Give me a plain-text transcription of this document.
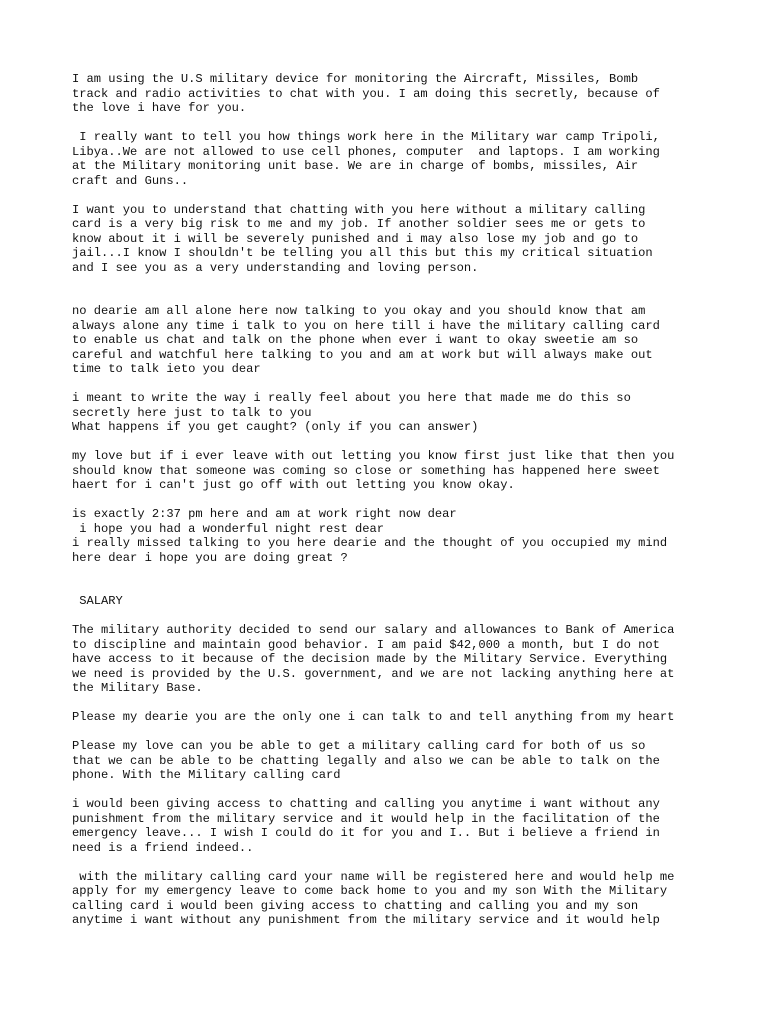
I am using the U.S military device for monitoring the Aircraft, Missiles, Bomb
track and radio activities to chat with you. I am doing this secretly, because of
the love i have for you.
I really want to tell you how things work here in the Military war camp Tripoli,
Libya..We are not allowed to use cell phones, computer  and laptops. I am working
at the Military monitoring unit base. We are in charge of bombs, missiles, Air
craft and Guns..
I want you to understand that chatting with you here without a military calling
card is a very big risk to me and my job. If another soldier sees me or gets to
know about it i will be severely punished and i may also lose my job and go to
jail...I know I shouldn't be telling you all this but this my critical situation
and I see you as a very understanding and loving person.
no dearie am all alone here now talking to you okay and you should know that am
always alone any time i talk to you on here till i have the military calling card
to enable us chat and talk on the phone when ever i want to okay sweetie am so
careful and watchful here talking to you and am at work but will always make out
time to talk ieto you dear
i meant to write the way i really feel about you here that made me do this so
secretly here just to talk to you
What happens if you get caught? (only if you can answer)
my love but if i ever leave with out letting you know first just like that then you
should know that someone was coming so close or something has happened here sweet
haert for i can't just go off with out letting you know okay.
is exactly 2:37 pm here and am at work right now dear
i hope you had a wonderful night rest dear
i really missed talking to you here dearie and the thought of you occupied my mind
here dear i hope you are doing great ?
SALARY
The military authority decided to send our salary and allowances to Bank of America
to discipline and maintain good behavior. I am paid $42,000 a month, but I do not
have access to it because of the decision made by the Military Service. Everything
we need is provided by the U.S. government, and we are not lacking anything here at
the Military Base.
Please my dearie you are the only one i can talk to and tell anything from my heart
Please my love can you be able to get a military calling card for both of us so
that we can be able to be chatting legally and also we can be able to talk on the
phone. With the Military calling card
i would been giving access to chatting and calling you anytime i want without any
punishment from the military service and it would help in the facilitation of the
emergency leave... I wish I could do it for you and I.. But i believe a friend in
need is a friend indeed..
with the military calling card your name will be registered here and would help me
apply for my emergency leave to come back home to you and my son With the Military
calling card i would been giving access to chatting and calling you and my son
anytime i want without any punishment from the military service and it would help
